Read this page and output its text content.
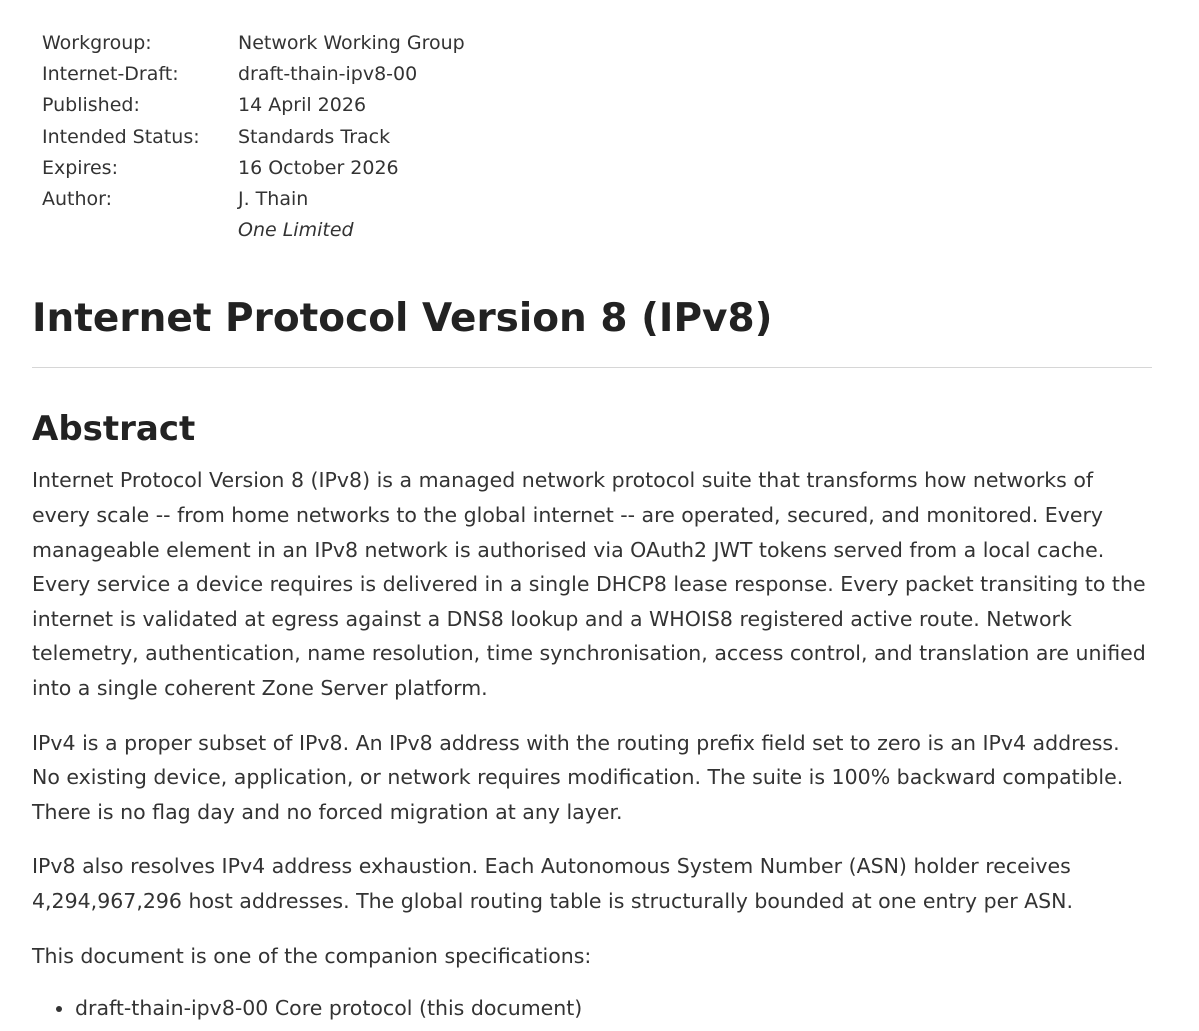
Workgroup:	Network Working Group
Internet-Draft:	draft-thain-ipv8-00
Published:	14 April 2026
Intended Status:	Standards Track
Expires:	16 October 2026
Author:	J. Thain
One Limited
Internet Protocol Version 8 (IPv8)
Abstract

Internet Protocol Version 8 (IPv8) is a managed network protocol suite that transforms how networks of every scale -- from home networks to the global internet -- are operated, secured, and monitored. Every manageable element in an IPv8 network is authorised via OAuth2 JWT tokens served from a local cache. Every service a device requires is delivered in a single DHCP8 lease response. Every packet transiting to the internet is validated at egress against a DNS8 lookup and a WHOIS8 registered active route. Network telemetry, authentication, name resolution, time synchronisation, access control, and translation are unified into a single coherent Zone Server platform.

IPv4 is a proper subset of IPv8. An IPv8 address with the routing prefix field set to zero is an IPv4 address. No existing device, application, or network requires modification. The suite is 100% backward compatible. There is no flag day and no forced migration at any layer.

IPv8 also resolves IPv4 address exhaustion. Each Autonomous System Number (ASN) holder receives 4,294,967,296 host addresses. The global routing table is structurally bounded at one entry per ASN.

This document is one of the companion specifications:

• draft-thain-ipv8-00 Core protocol (this document)
